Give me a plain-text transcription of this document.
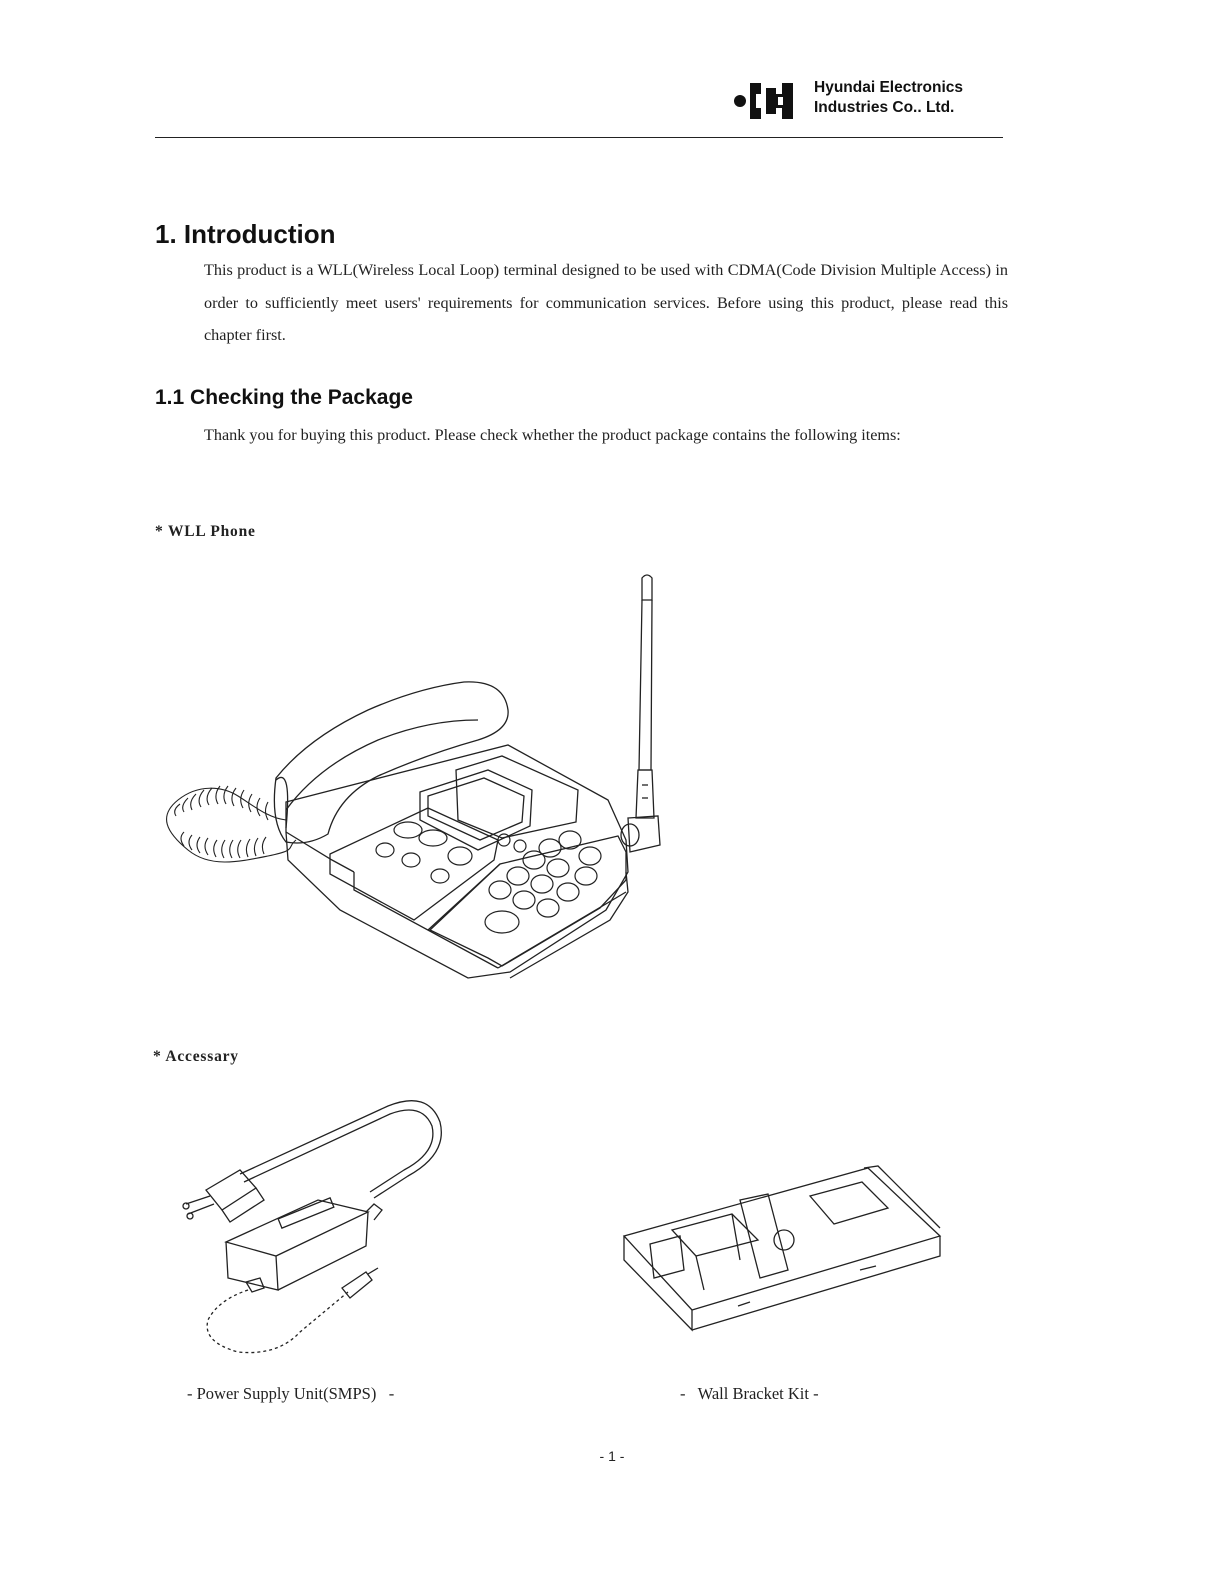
Hyundai Electronics
Industries Co.. Ltd.
1. Introduction

This product is a WLL(Wireless Local Loop) terminal designed to be used with CDMA(Code Division Multiple Access) in order to sufficiently meet users' requirements for communication services. Before using this product, please read this chapter first.

1.1 Checking the Package

Thank you for buying this product. Please check whether the product package contains the following items:

* WLL Phone
* Accessary
- Power Supply Unit(SMPS)   -	-   Wall Bracket Kit -
- 1 -
